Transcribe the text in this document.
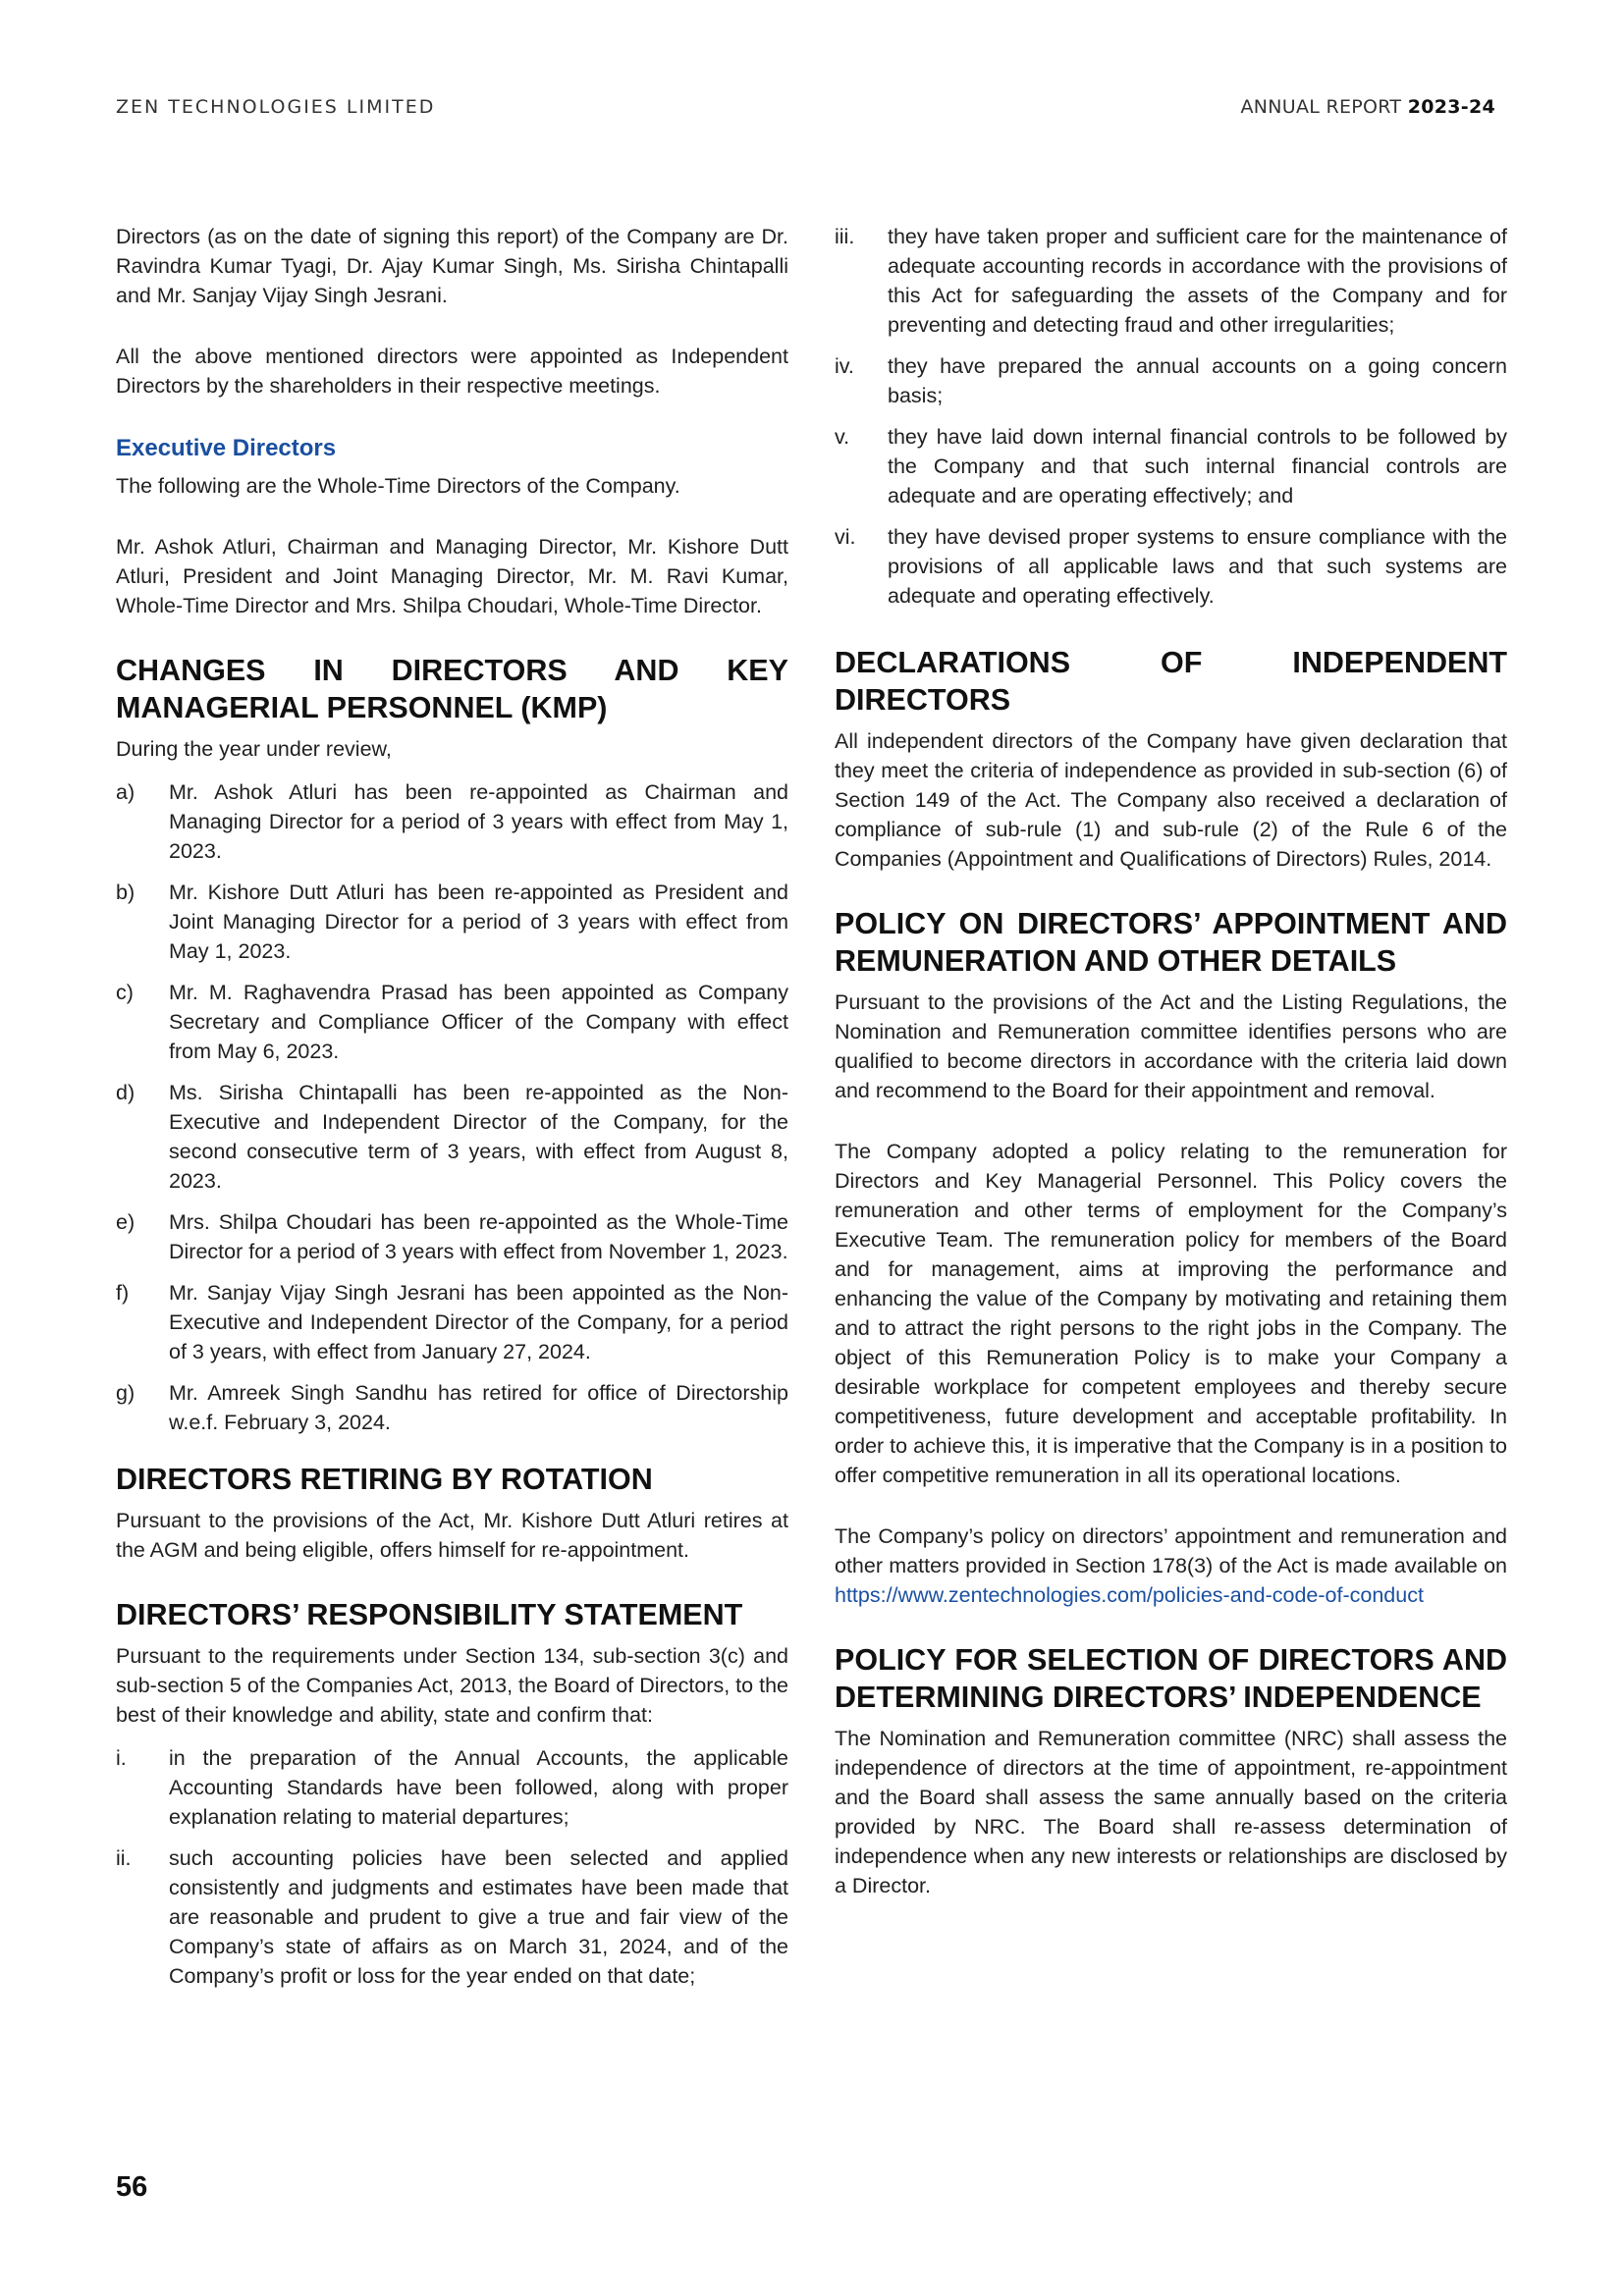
ZEN TECHNOLOGIES LIMITED	ANNUAL REPORT 2023-24

Directors (as on the date of signing this report) of the Company are Dr. Ravindra Kumar Tyagi, Dr. Ajay Kumar Singh, Ms. Sirisha Chintapalli and Mr. Sanjay Vijay Singh Jesrani.

All the above mentioned directors were appointed as Independent Directors by the shareholders in their respective meetings.

Executive Directors

The following are the Whole-Time Directors of the Company.

Mr. Ashok Atluri, Chairman and Managing Director, Mr. Kishore Dutt Atluri, President and Joint Managing Director, Mr. M. Ravi Kumar, Whole-Time Director and Mrs. Shilpa Choudari, Whole-Time Director.

CHANGES IN DIRECTORS AND KEY MANAGERIAL PERSONNEL (KMP)

During the year under review,

a)	Mr. Ashok Atluri has been re-appointed as Chairman and Managing Director for a period of 3 years with effect from May 1, 2023.
b)	Mr. Kishore Dutt Atluri has been re-appointed as President and Joint Managing Director for a period of 3 years with effect from May 1, 2023.
c)	Mr. M. Raghavendra Prasad has been appointed as Company Secretary and Compliance Officer of the Company with effect from May 6, 2023.
d)	Ms. Sirisha Chintapalli has been re-appointed as the Non-Executive and Independent Director of the Company, for the second consecutive term of 3 years, with effect from August 8, 2023.
e)	Mrs. Shilpa Choudari has been re-appointed as the Whole-Time Director for a period of 3 years with effect from November 1, 2023.
f)	Mr. Sanjay Vijay Singh Jesrani has been appointed as the Non-Executive and Independent Director of the Company, for a period of 3 years, with effect from January 27, 2024.
g)	Mr. Amreek Singh Sandhu has retired for office of Directorship w.e.f. February 3, 2024.
DIRECTORS RETIRING BY ROTATION

Pursuant to the provisions of the Act, Mr. Kishore Dutt Atluri retires at the AGM and being eligible, offers himself for re-appointment.

DIRECTORS’ RESPONSIBILITY STATEMENT

Pursuant to the requirements under Section 134, sub-section 3(c) and sub-section 5 of the Companies Act, 2013, the Board of Directors, to the best of their knowledge and ability, state and confirm that:

i.	in the preparation of the Annual Accounts, the applicable Accounting Standards have been followed, along with proper explanation relating to material departures;
ii.	such accounting policies have been selected and applied consistently and judgments and estimates have been made that are reasonable and prudent to give a true and fair view of the Company’s state of affairs as on March 31, 2024, and of the Company’s profit or loss for the year ended on that date;
iii.	they have taken proper and sufficient care for the maintenance of adequate accounting records in accordance with the provisions of this Act for safeguarding the assets of the Company and for preventing and detecting fraud and other irregularities;
iv.	they have prepared the annual accounts on a going concern basis;
v.	they have laid down internal financial controls to be followed by the Company and that such internal financial controls are adequate and are operating effectively; and
vi.	they have devised proper systems to ensure compliance with the provisions of all applicable laws and that such systems are adequate and operating effectively.
DECLARATIONS OF INDEPENDENT DIRECTORS

All independent directors of the Company have given declaration that they meet the criteria of independence as provided in sub-section (6) of Section 149 of the Act. The Company also received a declaration of compliance of sub-rule (1) and sub-rule (2) of the Rule 6 of the Companies (Appointment and Qualifications of Directors) Rules, 2014.

POLICY ON DIRECTORS’ APPOINTMENT AND REMUNERATION AND OTHER DETAILS

Pursuant to the provisions of the Act and the Listing Regulations, the Nomination and Remuneration committee identifies persons who are qualified to become directors in accordance with the criteria laid down and recommend to the Board for their appointment and removal.

The Company adopted a policy relating to the remuneration for Directors and Key Managerial Personnel. This Policy covers the remuneration and other terms of employment for the Company’s Executive Team. The remuneration policy for members of the Board and for management, aims at improving the performance and enhancing the value of the Company by motivating and retaining them and to attract the right persons to the right jobs in the Company. The object of this Remuneration Policy is to make your Company a desirable workplace for competent employees and thereby secure competitiveness, future development and acceptable profitability. In order to achieve this, it is imperative that the Company is in a position to offer competitive remuneration in all its operational locations.

The Company’s policy on directors’ appointment and remuneration and other matters provided in Section 178(3) of the Act is made available on https://www.zentechnologies.com/policies-and-code-of-conduct

POLICY FOR SELECTION OF DIRECTORS AND DETERMINING DIRECTORS’ INDEPENDENCE

The Nomination and Remuneration committee (NRC) shall assess the independence of directors at the time of appointment, re-appointment and the Board shall assess the same annually based on the criteria provided by NRC. The Board shall re-assess determination of independence when any new interests or relationships are disclosed by a Director.

56
